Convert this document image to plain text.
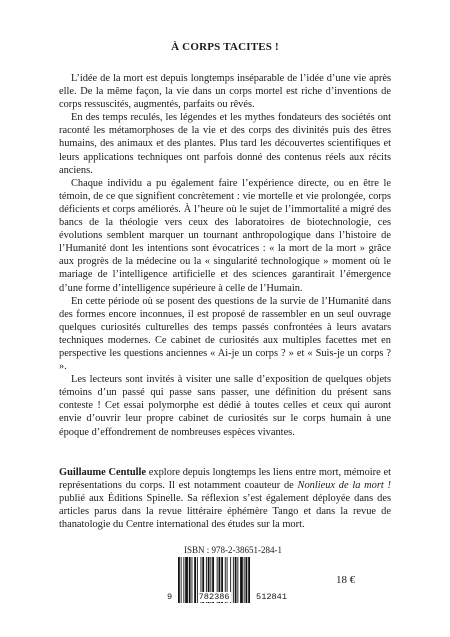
À CORPS TACITES !

L’idée de la mort est depuis longtemps inséparable de l’idée d’une vie après elle. De la même façon, la vie dans un corps mortel est riche d’inventions de corps ressuscités, augmentés, parfaits ou rêvés.

En des temps reculés, les légendes et les mythes fondateurs des sociétés ont raconté les métamorphoses de la vie et des corps des divinités puis des êtres humains, des animaux et des plantes. Plus tard les découvertes scientifiques et leurs applications techniques ont parfois donné des contenus réels aux récits anciens.

Chaque individu a pu également faire l’expérience directe, ou en être le témoin, de ce que signifient concrètement : vie mortelle et vie prolongée, corps déficients et corps améliorés. À l’heure où le sujet de l’immortalité a migré des bancs de la théologie vers ceux des laboratoires de biotechnologie, ces évolutions semblent marquer un tournant anthropologique dans l’histoire de l’Humanité dont les intentions sont évocatrices : « la mort de la mort » grâce aux progrès de la médecine ou la « singularité technologique » moment où le mariage de l’intelligence artificielle et des sciences garantirait l’émergence d’une forme d’intelligence supérieure à celle de l’Humain.

En cette période où se posent des questions de la survie de l’Humanité dans des formes encore inconnues, il est proposé de rassembler en un seul ouvrage quelques curiosités culturelles des temps passés confrontées à leurs avatars techniques modernes. Ce cabinet de curiosités aux multiples facettes met en perspective les questions anciennes « Ai-je un corps ? » et « Suis-je un corps ? ».

Les lecteurs sont invités à visiter une salle d’exposition de quelques objets témoins d’un passé qui passe sans passer, une définition du présent sans conteste ! Cet essai polymorphe est dédié à toutes celles et ceux qui auront envie d’ouvrir leur propre cabinet de curiosités sur le corps humain à une époque d’effondrement de nombreuses espèces vivantes.

Guillaume Centulle explore depuis longtemps les liens entre mort, mémoire et représentations du corps. Il est notamment coauteur de Nonlieux de la mort ! publié aux Éditions Spinelle. Sa réflexion s’est également déployée dans des articles parus dans la revue littéraire éphémère Tango et dans la revue de thanatologie du Centre international des études sur la mort.

ISBN : 978-2-38651-284-1
9	782386	512841
18 €
